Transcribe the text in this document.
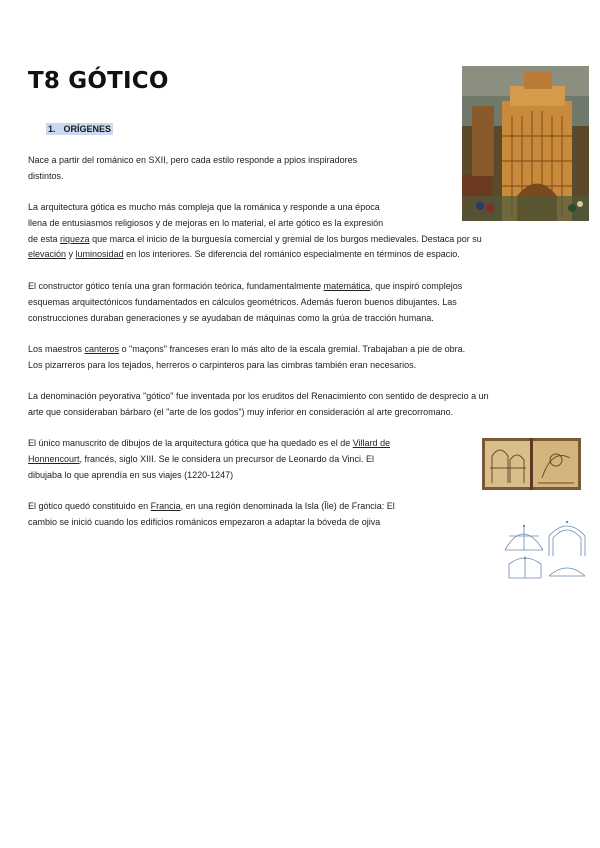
T8 GÓTICO
1. ORÍGENES

Nace a partir del románico en SXII, pero cada estilo responde a ppios inspiradores
distintos.

La arquitectura gótica es mucho más compleja que la románica y responde a una época
llena de entusiasmos religiosos y de mejoras en lo material, el arte gótico es la expresión
de esta riqueza que marca el inicio de la burguesía comercial y gremial de los burgos medievales. Destaca por su
elevación y luminosidad en los interiores. Se diferencia del románico especialmente en términos de espacio.

El constructor gótico tenía una gran formación teórica, fundamentalmente matemática, que inspiró complejos
esquemas arquitectónicos fundamentados en cálculos geométricos. Además fueron buenos dibujantes. Las
construcciones duraban generaciones y se ayudaban de máquinas como la grúa de tracción humana.

Los maestros canteros o "maçons" franceses eran lo más alto de la escala gremial. Trabajaban a pie de obra.
Los pizarreros para los tejados, herreros o carpinteros para las cimbras también eran necesarios.

La denominación peyorativa "gótico" fue inventada por los eruditos del Renacimiento con sentido de desprecio a un
arte que consideraban bárbaro (el "arte de los godos") muy inferior en consideración al arte grecorromano.

El único manuscrito de dibujos de la arquitectura gótica que ha quedado es el de Villard de
Honnencourt, francés, siglo XIII. Se le considera un precursor de Leonardo da Vinci. El
dibujaba lo que aprendía en sus viajes (1220-1247)

El gótico quedó constituido en Francia, en una región denominada la Isla (Île) de Francia: El
cambio se inició cuando los edificios románicos empezaron a adaptar la bóveda de ojiva
